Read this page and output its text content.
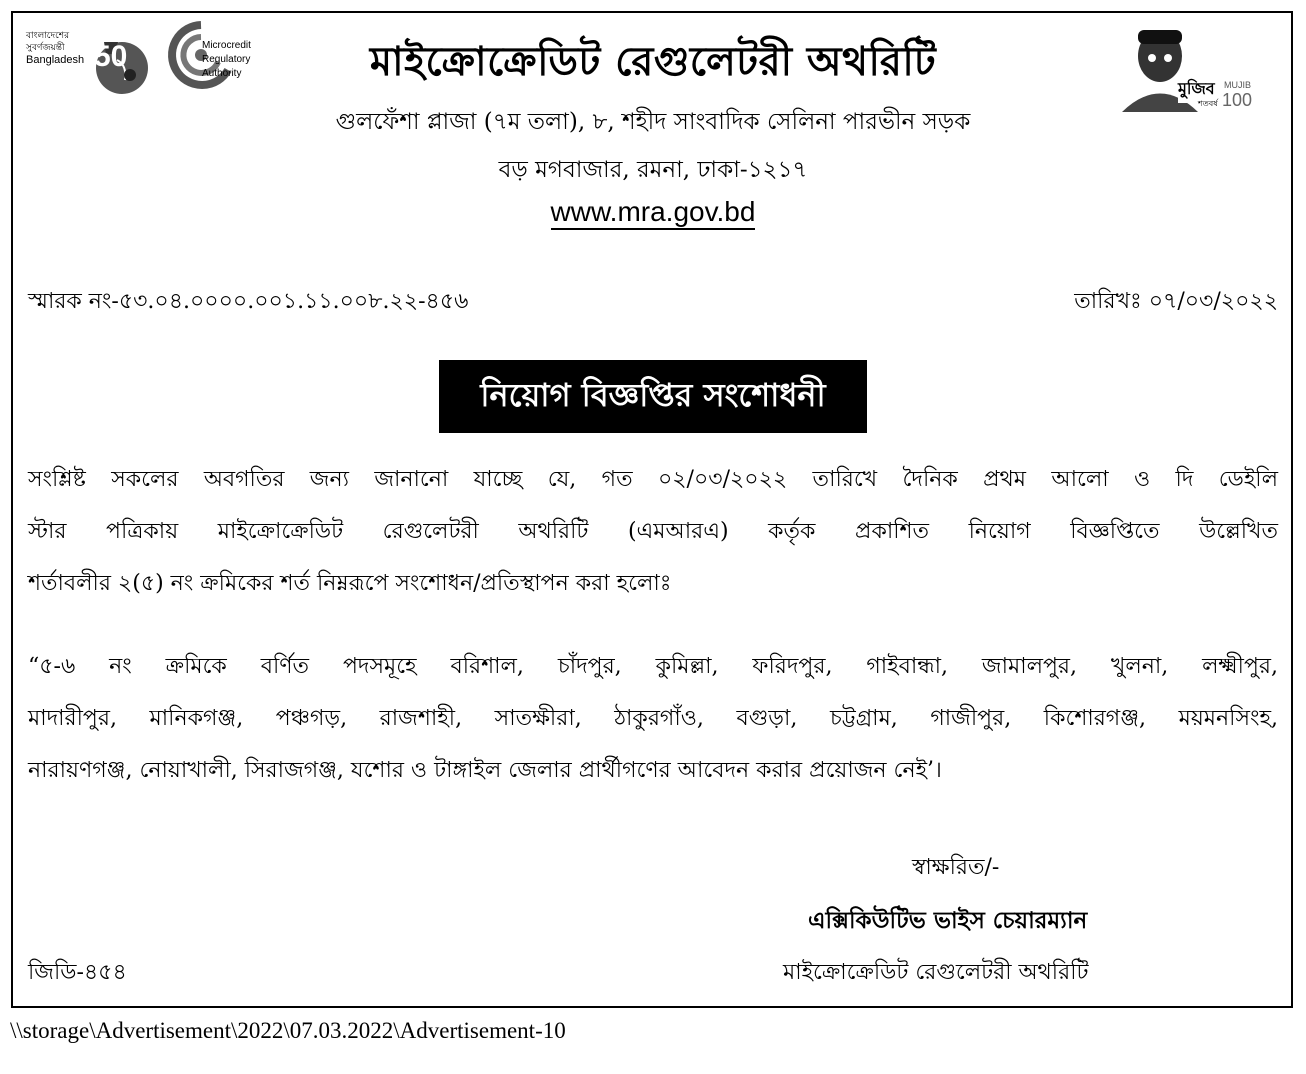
বাংলাদেশের
সুবর্ণজয়ন্তী
Bangladesh 50	Microcredit
Regulatory
Authority
মুজিব
শতবর্ষ
MUJIB
100
মাইক্রোক্রেডিট রেগুলেটরী অথরিটি
গুলফেঁশা প্লাজা (৭ম তলা), ৮, শহীদ সাংবাদিক সেলিনা পারভীন সড়ক
বড় মগবাজার, রমনা, ঢাকা-১২১৭
www.mra.gov.bd
স্মারক নং-৫৩.০৪.০০০০.০০১.১১.০০৮.২২-৪৫৬	তারিখঃ ০৭/০৩/২০২২
নিয়োগ বিজ্ঞপ্তির সংশোধনী
সংশ্লিষ্ট সকলের অবগতির জন্য জানানো যাচ্ছে যে, গত ০২/০৩/২০২২ তারিখে দৈনিক প্রথম আলো ও দি ডেইলি
স্টার পত্রিকায় মাইক্রোক্রেডিট রেগুলেটরী অথরিটি (এমআরএ) কর্তৃক প্রকাশিত নিয়োগ বিজ্ঞপ্তিতে উল্লেখিত
শর্তাবলীর ২(৫) নং ক্রমিকের শর্ত নিম্নরূপে সংশোধন/প্রতিস্থাপন করা হলোঃ
“৫-৬ নং ক্রমিকে বর্ণিত পদসমূহে বরিশাল, চাঁদপুর, কুমিল্লা, ফরিদপুর, গাইবান্ধা, জামালপুর, খুলনা, লক্ষ্মীপুর,
মাদারীপুর, মানিকগঞ্জ, পঞ্চগড়, রাজশাহী, সাতক্ষীরা, ঠাকুরগাঁও, বগুড়া, চট্টগ্রাম, গাজীপুর, কিশোরগঞ্জ, ময়মনসিংহ,
নারায়ণগঞ্জ, নোয়াখালী, সিরাজগঞ্জ, যশোর ও টাঙ্গাইল জেলার প্রার্থীগণের আবেদন করার প্রয়োজন নেই’।
স্বাক্ষরিত/-
এক্সিকিউটিভ ভাইস চেয়ারম্যান
মাইক্রোক্রেডিট রেগুলেটরী অথরিটি
জিডি-৪৫৪
\\storage\Advertisement\2022\07.03.2022\Advertisement-10
